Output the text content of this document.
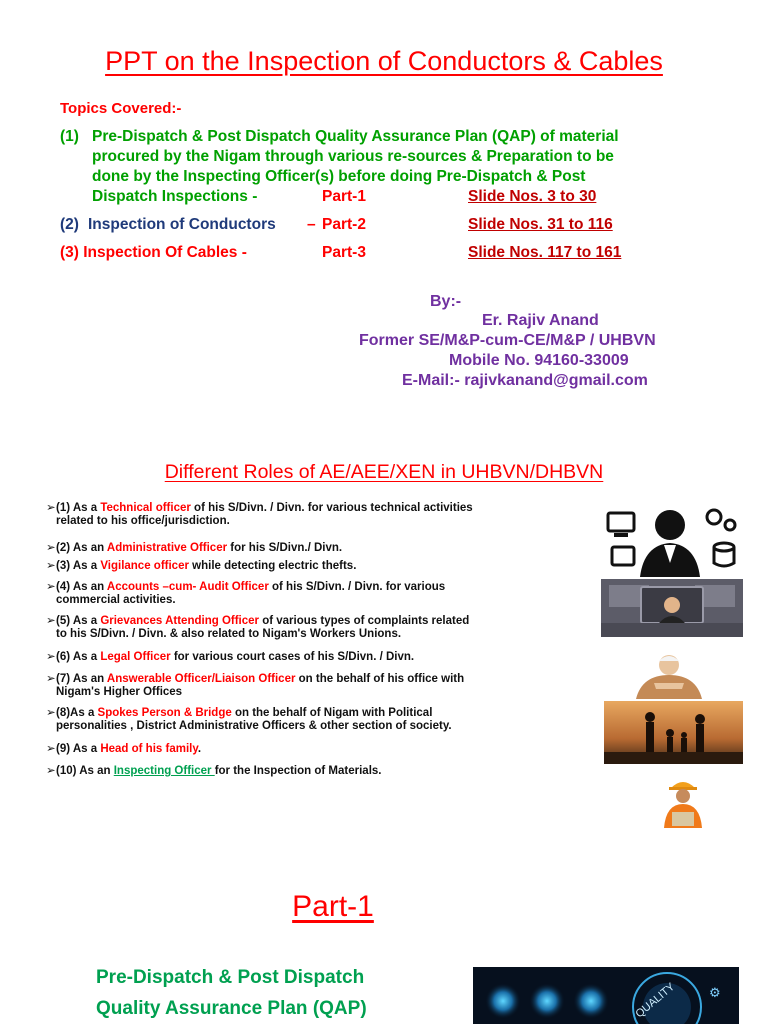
PPT on the Inspection of Conductors & Cables
Topics Covered:-
(1) Pre-Dispatch & Post Dispatch Quality Assurance Plan (QAP) of material
procured by the Nigam through various re-sources & Preparation to be
done by the Inspecting Officer(s) before doing Pre-Dispatch & Post
Dispatch Inspections -	Part-1	Slide Nos. 3 to 30
(2) Inspection of Conductors – Part-2	Slide Nos. 31 to 116
(3) Inspection Of Cables -	Part-3	Slide Nos. 117 to 161
By:-
Er. Rajiv Anand
Former SE/M&P-cum-CE/M&P / UHBVN
Mobile No. 94160-33009
E-Mail:- rajivkanand@gmail.com
Different Roles of AE/AEE/XEN in UHBVN/DHBVN
➢(1) As a Technical officer of his S/Divn. / Divn. for various technical activities
related to his office/jurisdiction.
➢(2) As an Administrative Officer for his S/Divn./ Divn.
➢(3) As a Vigilance officer while detecting electric thefts.
➢(4) As an Accounts –cum- Audit Officer of his S/Divn. / Divn. for various
commercial activities.
➢(5) As a Grievances Attending Officer of various types of complaints related
to his S/Divn. / Divn. & also related to Nigam's Workers Unions.
➢(6) As a Legal Officer for various court cases of his S/Divn. / Divn.
➢(7) As an Answerable Officer/Liaison Officer on the behalf of his office with
Nigam's Higher Offices
➢(8)As a Spokes Person & Bridge on the behalf of Nigam with Political
personalities , District Administrative Officers & other section of society.
➢(9) As a Head of his family.
➢(10) As an Inspecting Officer for the Inspection of Materials.
Part-1
Pre-Dispatch & Post Dispatch
Quality Assurance Plan (QAP)	QUALITY ⚙
